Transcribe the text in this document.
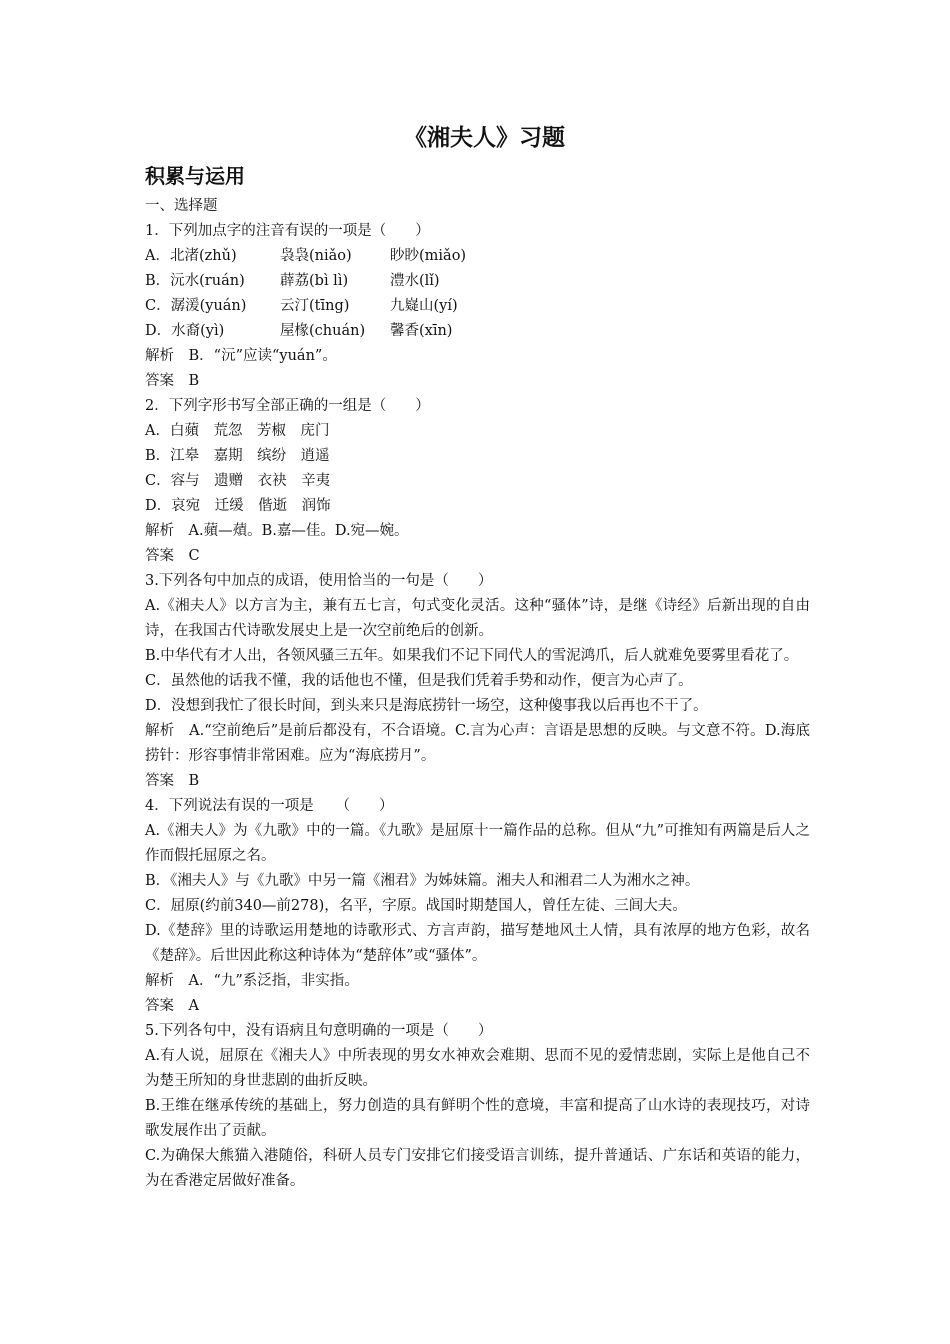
《湘夫人》习题
积累与运用

一、选择题

1．下列加点字的注音有误的一项是（　　）

A．北渚(zhǔ)	袅袅(niǎo)	眇眇(miǎo)

B．沅水(ruán) 薜荔(bì lì)	澧水(lǐ)

C．潺湲(yuán) 云汀(tīng)	九嶷山(yí)

D．水裔(yì)	屋椽(chuán) 馨香(xīn)

解析　B．“沅”应读“yuán”。

答案　B

2．下列字形书写全部正确的一组是（　　）

A．白蘋　荒忽　芳椒　庑门

B．江皋　嘉期　缤纷　逍遥

C．容与　遗赠　衣袂　辛夷

D．哀宛　迁缓　偕逝　润饰

解析　A.蘋—薠。B.嘉—佳。D.宛—婉。

答案　C

3.下列各句中加点的成语，使用恰当的一句是（　　）

A.《湘夫人》以方言为主，兼有五七言，句式变化灵活。这种“骚体”诗，是继《诗经》后新出现的自由诗，在我国古代诗歌发展史上是一次空前绝后的创新。

B.中华代有才人出，各领风骚三五年。如果我们不记下同代人的雪泥鸿爪，后人就难免要雾里看花了。

C．虽然他的话我不懂，我的话他也不懂，但是我们凭着手势和动作，便言为心声了。

D．没想到我忙了很长时间，到头来只是海底捞针一场空，这种傻事我以后再也不干了。

解析　A.“空前绝后”是前后都没有，不合语境。C.言为心声：言语是思想的反映。与文意不符。D.海底捞针：形容事情非常困难。应为“海底捞月”。

答案　B

4．下列说法有误的一项是　　（　　）

A.《湘夫人》为《九歌》中的一篇。《九歌》是屈原十一篇作品的总称。但从“九”可推知有两篇是后人之作而假托屈原之名。

B．《湘夫人》与《九歌》中另一篇《湘君》为姊妹篇。湘夫人和湘君二人为湘水之神。

C．屈原(约前340—前278)，名平，字原。战国时期楚国人，曾任左徒、三闾大夫。

D.《楚辞》里的诗歌运用楚地的诗歌形式、方言声韵，描写楚地风土人情，具有浓厚的地方色彩，故名《楚辞》。后世因此称这种诗体为“楚辞体”或“骚体”。

解析　A．“九”系泛指，非实指。

答案　A

5.下列各句中，没有语病且句意明确的一项是（　　）

A.有人说，屈原在《湘夫人》中所表现的男女水神欢会难期、思而不见的爱情悲剧，实际上是他自己不为楚王所知的身世悲剧的曲折反映。

B.王维在继承传统的基础上，努力创造的具有鲜明个性的意境，丰富和提高了山水诗的表现技巧，对诗歌发展作出了贡献。

C.为确保大熊猫入港随俗，科研人员专门安排它们接受语言训练，提升普通话、广东话和英语的能力，为在香港定居做好准备。
